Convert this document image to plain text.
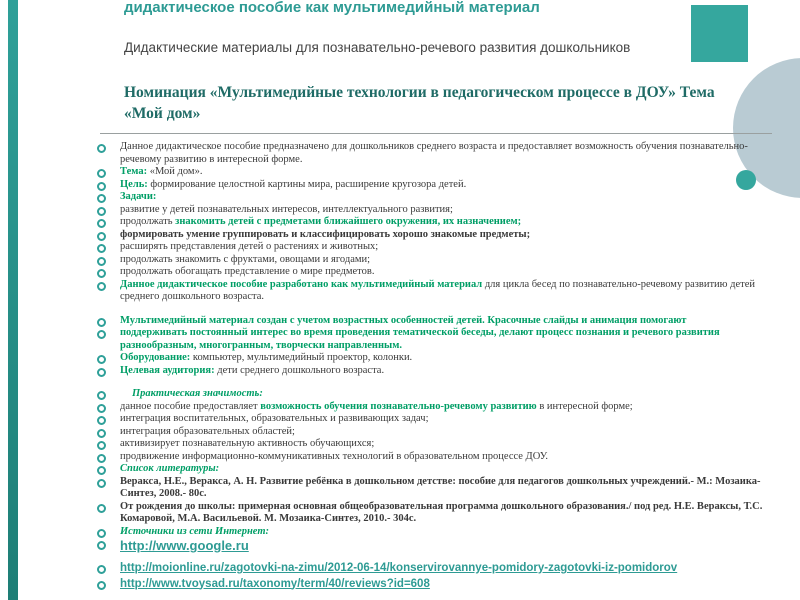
дидактическое пособие как мультимедийный материал
Дидактические материалы для познавательно-речевого развития дошкольников
Номинация «Мультимедийные технологии в педагогическом процессе в ДОУ» Тема «Мой дом»
Данное дидактическое пособие предназначено для дошкольников среднего возраста и предоставляет возможность обучения познавательно-речевому развитию в интересной форме.
Тема: «Мой дом».
Цель: формирование целостной картины мира, расширение кругозора детей.
Задачи:
развитие у детей познавательных интересов, интеллектуального развития;
продолжать знакомить детей с предметами ближайшего окружения, их назначением;
формировать умение группировать и классифицировать хорошо знакомые предметы;
расширять представления детей о растениях и животных;
продолжать знакомить с фруктами, овощами и ягодами;
продолжать обогащать представление о мире предметов.
Данное дидактическое пособие разработано как мультимедийный материал для цикла бесед по познавательно-речевому развитию детей среднего дошкольного возраста.
Мультимедийный материал создан с учетом возрастных особенностей детей. Красочные слайды и анимация помогают
поддерживать постоянный интерес во время проведения тематической беседы, делают процесс познания и речевого развития разнообразным, многогранным, творчески направленным.
Оборудование: компьютер, мультимедийный проектор, колонки.
Целевая аудитория: дети среднего дошкольного возраста.
Практическая значимость:
данное пособие предоставляет возможность обучения познавательно-речевому развитию в интересной форме;
интеграция воспитательных, образовательных и развивающих задач;
интеграция образовательных областей;
активизирует познавательную активность обучающихся;
продвижение информационно-коммуникативных технологий в образовательном процессе ДОУ.
Список литературы:
Веракса, Н.Е., Веракса, А. Н. Развитие ребёнка в дошкольном детстве: пособие для педагогов дошкольных учреждений.- М.: Мозаика-Синтез, 2008.- 80с.
От рождения до школы: примерная основная общеобразовательная программа дошкольного образования./ под ред. Н.Е. Вераксы, Т.С. Комаровой, М.А. Васильевой. М. Мозаика-Синтез, 2010.- 304с.
Источники из сети Интернет:
http://www.google.ru
http://moionline.ru/zagotovki-na-zimu/2012-06-14/konservirovannye-pomidory-zagotovki-iz-pomidorov
http://www.tvoysad.ru/taxonomy/term/40/reviews?id=608
